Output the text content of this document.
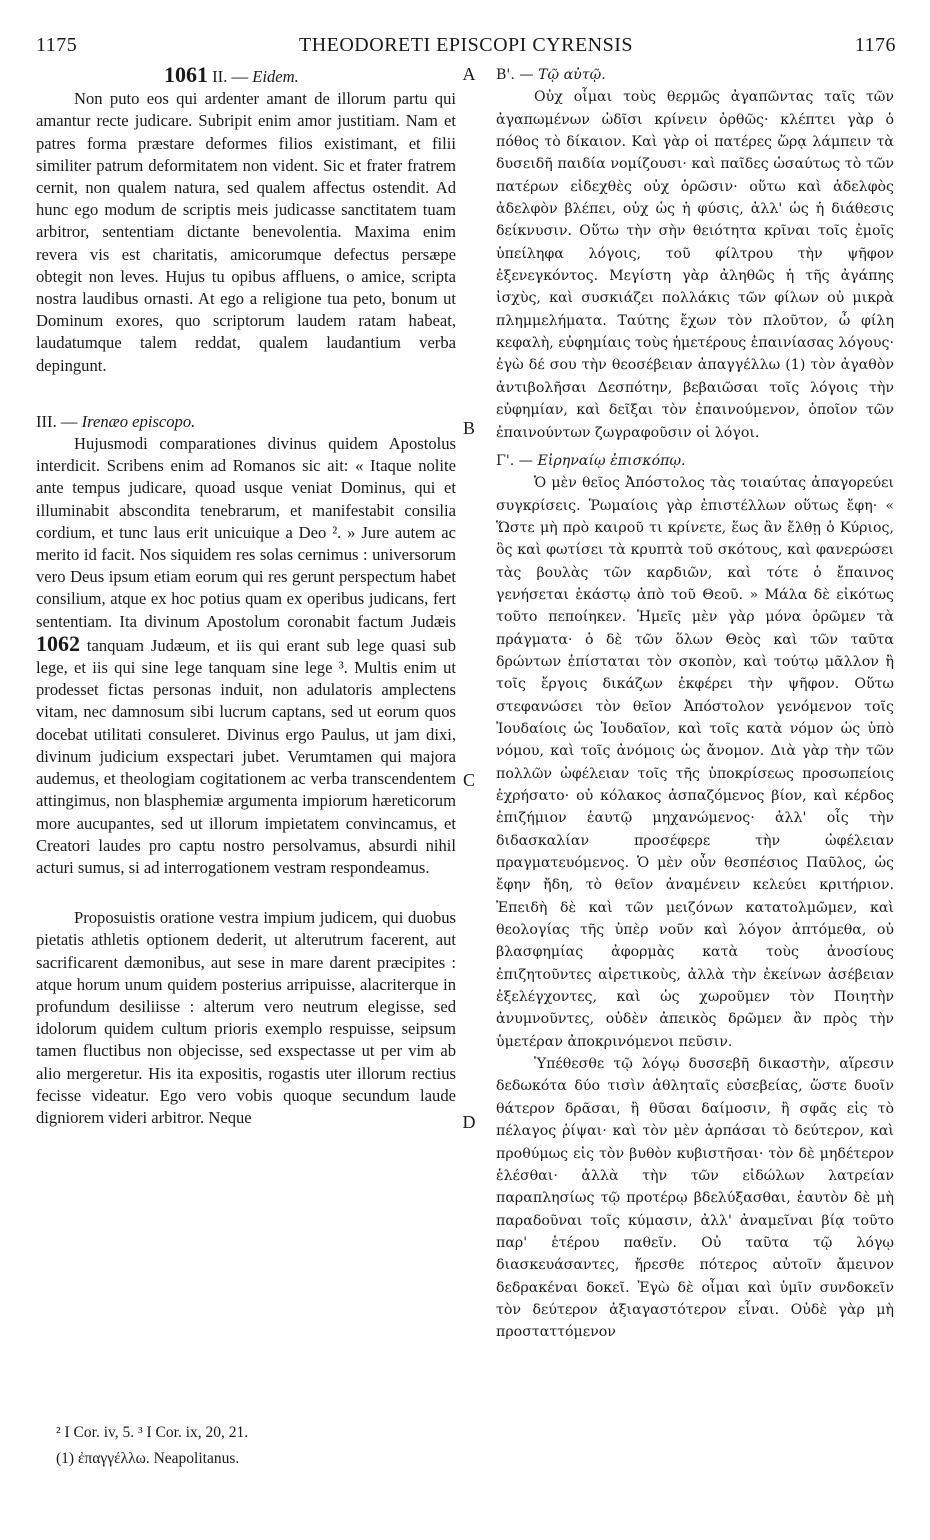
1175	THEODORETI EPISCOPI CYRENSIS	1176

1061 II. — Eidem.

Non puto eos qui ardenter amant de illorum partu qui amantur recte judicare. Subripit enim amor justitiam. Nam et patres forma præstare deformes filios existimant, et filii similiter patrum deformitatem non vident. Sic et frater fratrem cernit, non qualem natura, sed qualem affectus ostendit. Ad hunc ego modum de scriptis meis judicasse sanctitatem tuam arbitror, sententiam dictante benevolentia. Maxima enim revera vis est charitatis, amicorumque defectus persæpe obtegit non leves. Hujus tu opibus affluens, o amice, scripta nostra laudibus ornasti. At ego a religione tua peto, bonum ut Dominum exores, quo scriptorum laudem ratam habeat, laudatumque talem reddat, qualem laudantium verba depingunt.

III. — Irenæo episcopo.

Hujusmodi comparationes divinus quidem Apostolus interdicit. Scribens enim ad Romanos sic ait: « Itaque nolite ante tempus judicare, quoad usque veniat Dominus, qui et illuminabit abscondita tenebrarum, et manifestabit consilia cordium, et tunc laus erit unicuique a Deo ². » Jure autem ac merito id facit. Nos siquidem res solas cernimus : universorum vero Deus ipsum etiam eorum qui res gerunt perspectum habet consilium, atque ex hoc potius quam ex operibus judicans, fert sententiam. Ita divinum Apostolum coronabit factum Judæis 1062 tanquam Judæum, et iis qui erant sub lege quasi sub lege, et iis qui sine lege tanquam sine lege ³. Multis enim ut prodesset fictas personas induit, non adulatoris amplectens vitam, nec damnosum sibi lucrum captans, sed ut eorum quos docebat utilitati consuleret. Divinus ergo Paulus, ut jam dixi, divinum judicium exspectari jubet. Verumtamen qui majora audemus, et theologiam cogitationem ac verba transcendentem attingimus, non blasphemiæ argumenta impiorum hæreticorum more aucupantes, sed ut illorum impietatem convincamus, et Creatori laudes pro captu nostro persolvamus, absurdi nihil acturi sumus, si ad interrogationem vestram respondeamus.

Proposuistis oratione vestra impium judicem, qui duobus pietatis athletis optionem dederit, ut alterutrum facerent, aut sacrificarent dæmonibus, aut sese in mare darent præcipites : atque horum unum quidem posterius arripuisse, alacriterque in profundum desiliisse : alterum vero neutrum elegisse, sed idolorum quidem cultum prioris exemplo respuisse, seipsum tamen fluctibus non objecisse, sed exspectasse ut per vim ab alio mergeretur. His ita expositis, rogastis uter illorum rectius fecisse videatur. Ego vero vobis quoque secundum laude digniorem videri arbitror. Neque

A
B
C
D

Β'. — Τῷ αὐτῷ.

Οὐχ οἶμαι τοὺς θερμῶς ἀγαπῶντας ταῖς τῶν ἀγαπωμένων ὠδῖσι κρίνειν ὀρθῶς· κλέπτει γὰρ ὁ πόθος τὸ δίκαιον. Καὶ γὰρ οἱ πατέρες ὥρᾳ λάμπειν τὰ δυσειδῆ παιδία νομίζουσι· καὶ παῖδες ὡσαύτως τὸ τῶν πατέρων εἰδεχθὲς οὐχ ὁρῶσιν· οὕτω καὶ ἀδελφὸς ἀδελφὸν βλέπει, οὐχ ὡς ἡ φύσις, ἀλλ' ὡς ἡ διάθεσις δείκνυσιν. Οὕτω τὴν σὴν θειότητα κρῖναι τοῖς ἐμοῖς ὑπείληφα λόγοις, τοῦ φίλτρου τὴν ψῆφον ἐξενεγκόντος. Μεγίστη γὰρ ἀληθῶς ἡ τῆς ἀγάπης ἰσχὺς, καὶ συσκιάζει πολλάκις τῶν φίλων οὐ μικρὰ πλημμελήματα. Ταύτης ἔχων τὸν πλοῦτον, ὦ φίλη κεφαλὴ, εὐφημίαις τοὺς ἡμετέρους ἐπαινίασας λόγους· ἐγὼ δέ σου τὴν θεοσέβειαν ἀπαγγέλλω (1) τὸν ἀγαθὸν ἀντιβολῆσαι Δεσπότην, βεβαιῶσαι τοῖς λόγοις τὴν εὐφημίαν, καὶ δεῖξαι τὸν ἐπαινούμενον, ὁποῖον τῶν ἐπαινούντων ζωγραφοῦσιν οἱ λόγοι.

Γ'. — Εἰρηναίῳ ἐπισκόπῳ.

Ὁ μὲν θεῖος Ἀπόστολος τὰς τοιαύτας ἀπαγορεύει συγκρίσεις. Ῥωμαίοις γὰρ ἐπιστέλλων οὕτως ἔφη· « Ὥστε μὴ πρὸ καιροῦ τι κρίνετε, ἕως ἂν ἔλθῃ ὁ Κύριος, ὃς καὶ φωτίσει τὰ κρυπτὰ τοῦ σκότους, καὶ φανερώσει τὰς βουλὰς τῶν καρδιῶν, καὶ τότε ὁ ἔπαινος γενήσεται ἑκάστῳ ἀπὸ τοῦ Θεοῦ. » Μάλα δὲ εἰκότως τοῦτο πεποίηκεν. Ἡμεῖς μὲν γὰρ μόνα ὁρῶμεν τὰ πράγματα· ὁ δὲ τῶν ὅλων Θεὸς καὶ τῶν ταῦτα δρώντων ἐπίσταται τὸν σκοπὸν, καὶ τούτῳ μᾶλλον ἢ τοῖς ἔργοις δικάζων ἐκφέρει τὴν ψῆφον. Οὕτω στεφανώσει τὸν θεῖον Ἀπόστολον γενόμενον τοῖς Ἰουδαίοις ὡς Ἰουδαῖον, καὶ τοῖς κατὰ νόμον ὡς ὑπὸ νόμου, καὶ τοῖς ἀνόμοις ὡς ἄνομον. Διὰ γὰρ τὴν τῶν πολλῶν ὠφέλειαν τοῖς τῆς ὑποκρίσεως προσωπείοις ἐχρήσατο· οὐ κόλακος ἀσπαζόμενος βίον, καὶ κέρδος ἐπιζήμιον ἑαυτῷ μηχανώμενος· ἀλλ' οἷς τὴν διδασκαλίαν προσέφερε τὴν ὠφέλειαν πραγματευόμενος. Ὁ μὲν οὖν θεσπέσιος Παῦλος, ὡς ἔφην ἤδη, τὸ θεῖον ἀναμένειν κελεύει κριτήριον. Ἐπειδὴ δὲ καὶ τῶν μειζόνων κατατολμῶμεν, καὶ θεολογίας τῆς ὑπὲρ νοῦν καὶ λόγον ἁπτόμεθα, οὐ βλασφημίας ἀφορμὰς κατὰ τοὺς ἀνοσίους ἐπιζητοῦντες αἱρετικοὺς, ἀλλὰ τὴν ἐκείνων ἀσέβειαν ἐξελέγχοντες, καὶ ὡς χωροῦμεν τὸν Ποιητὴν ἀνυμνοῦντες, οὐδὲν ἀπεικὸς δρῶμεν ἂν πρὸς τὴν ὑμετέραν ἀποκρινόμενοι πεῦσιν.

Ὑπέθεσθε τῷ λόγῳ δυσσεβῆ δικαστὴν, αἵρεσιν δεδωκότα δύο τισὶν ἀθληταῖς εὐσεβείας, ὥστε δυοῖν θάτερον δρᾶσαι, ἢ θῦσαι δαίμοσιν, ἢ σφᾶς εἰς τὸ πέλαγος ῥίψαι· καὶ τὸν μὲν ἁρπάσαι τὸ δεύτερον, καὶ προθύμως εἰς τὸν βυθὸν κυβιστῆσαι· τὸν δὲ μηδέτερον ἑλέσθαι· ἀλλὰ τὴν τῶν εἰδώλων λατρείαν παραπλησίως τῷ προτέρῳ βδελύξασθαι, ἑαυτὸν δὲ μὴ παραδοῦναι τοῖς κύμασιν, ἀλλ' ἀναμεῖναι βίᾳ τοῦτο παρ' ἑτέρου παθεῖν. Οὐ ταῦτα τῷ λόγῳ διασκευάσαντες, ἤρεσθε πότερος αὐτοῖν ἄμεινον δεδρακέναι δοκεῖ. Ἐγὼ δὲ οἶμαι καὶ ὑμῖν συνδοκεῖν τὸν δεύτερον ἀξιαγαστότερον εἶναι. Οὐδὲ γὰρ μὴ προσταττόμενον

² I Cor. iv, 5. ³ I Cor. ix, 20, 21.
(1) ἐπαγγέλλω. Neapolitanus.
